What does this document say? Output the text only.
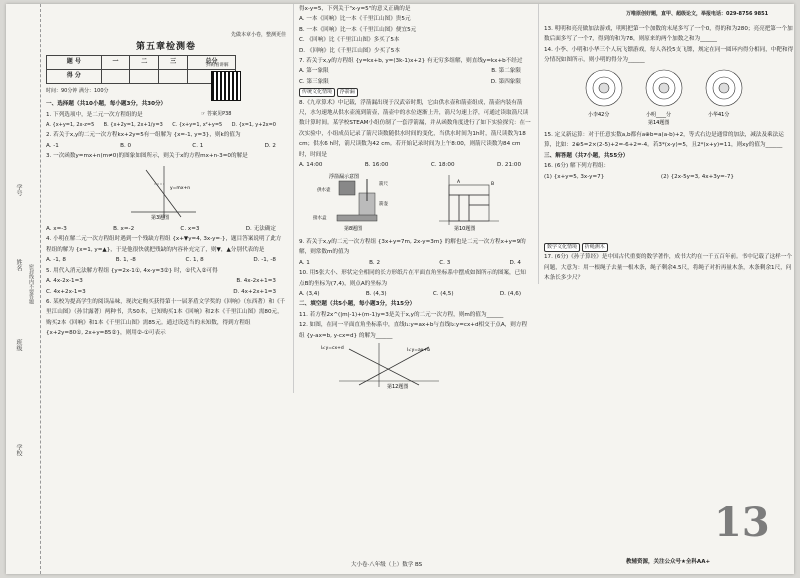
学号
姓名
班级
学校
密封线内不要答题
先做本章小卷，整测更佳
第五章检测卷
题 号	一	二	三	总分
得 分				
时间：90分钟 满分：100分
一、选择题（共10小题，每小题3分，共30分）

1. 下列选项中，是二元一次方程组的是

A. {x+y=1, 2x-z=5 B. {x+2y=1, 2x+1/y=3 C. {x+y=1, x²+y=5 D. {x=1, y+2x=0

2. 若关于x,y的二元一次方程kx+2y=5有一组解为 {x=-1, y=3}，则k的值为

A. -1	B. 0	C. 1	D. 2

3. 一次函数y=mx+n(m≠0)的图象如图所示，则关于x的方程mx+n-3=0的解是

y=mx+n
第3题图
A. x=-3	B. x=-2	C. x=3	D. 无法确定

4. 小明在解二元一次方程组时遇到一个残缺方程组 {x+▼y=4, 3x-y=·}，题目答案说明了此方程组的解为 {x=1, y=▲}，于是他很快就把残缺的内容补充完了，则▼，▲分别代表的是

A. -1, 8	B. 1, -8	C. 1, 8	D. -1, -8

5. 用代入消元法解方程组 {y=2x-1①, 4x-y=3②} 时，①代入②可得

A. 4x-2x-1=3	B. 4x-2x+1=3
C. 4x+2x-1=3	D. 4x+2x+1=3

6. 某校为提高学生的阅读品味，现决定购买获得第十一届茅盾文学奖的《回响》（东西著）和《千里江山图》（孙甘露著）两种书，共50本，已知购买1本《回响》和2本《千里江山图》需80元，购买2本《回响》和1本《千里江山图》需85元。通过设适当的未知数，得到方程组 {x+2y=80①, 2x+y=85②}，则用②-①可表示

扫码看讲解
☞ 答案见P38

得x-y=5，下列关于"x-y=5"的意义正确的是

A. 一本《回响》比一本《千里江山图》贵5元
B. 一本《回响》比一本《千里江山图》便宜5元
C. 《回响》比《千里江山图》多买了5本
D. 《回响》比《千里江山图》少买了5本

7. 若关于x,y的方程组 {y=kx+b, y=(3k-1)x+2} 有无穷多组解，则直线y=kx+b不经过

A. 第一象限	B. 第二象限
C. 第三象限	D. 第四象限
传统文化情境 浮箭漏

8.《九章算术》中记载，浮箭漏出现于汉武帝时期，它由供水壶和箭壶组成，箭壶内装有箭尺，水匀速地从供水壶流到箭壶，箭壶中的水位逐渐上升，箭尺匀速上浮，可通过读取箭尺读数计算时间。某学校STEAM小组仿制了一套浮箭漏，并从函数角度进行了如下实验探究：在一次实验中，小组成员记录了箭尺读数随供水时间的变化，当供水时间为1h时，箭尺读数为18 cm；供水6 h时，箭尺读数为42 cm。若开始记录时间为上午8:00，则箭尺读数为84 cm时，时间是

A. 14:00	B. 16:00	C. 18:00	D. 21:00
浮箭漏示意图
箭尺
供水壶
箭壶
接水盒
第8题图
A	B
第10题图

9. 若关于x,y的二元一次方程组 {3x+y=7m, 2x-y=3m} 的解也是二元一次方程x+y=9的解，则常数m的值为

A. 1	B. 2	C. 3	D. 4

10. 用5张大小、形状完全相同的长方形纸片在平面直角坐标系中摆成如图所示的图案，已知点B的坐标为(7,4)，则点A的坐标为

A. (3,4)	B. (4,3)	C. (4,5)	D. (4,6)
二、填空题（共5小题，每小题3分，共15分）

11. 若方程2x^(|m|-1)+(m-1)y=3是关于x,y的二元一次方程，则m的值为______

12. 如图，在同一平面直角坐标系中，直线l₁:y=ax+b与直线l₂:y=cx+d相交于点A，则方程组 {y-ax=b, y-cx=d} 的解为______

l₁:y=ax+b
l₂:y=cx+d
第12题图
大小卷·八年级（上）数学 BS

13. 明明和亮亮做加法游戏，明明把第一个加数的末尾多写了一个0，得的和为280；亮亮把第一个加数后面多写了一个7，得到的和为78，则原来的两个加数之和为______

14. 小李、小明和小华三个人玩飞镖游戏，每人各投5支飞镖，规定在同一圆环内得分相同，中靶和得分情况如图所示，则小明的得分为______

小李42分	小明____分	小华41分
第14题图

15. 定义新运算：对于任意实数a,b都有a⊕b=a(a-b)+2，等式右边是通常的加法，减法及乘法运算，比如：2⊕5=2×(2-5)+2=-6+2=-4。若3*(x-y)=5，且2*(x+y)=11，则xy的值为______

三、解答题（共7小题，共55分）

16. (6分) 解下列方程组：

(1) {x+y=5, 3x-y=7}	(2) {2x-5y=3, 4x+3y=-7}
数学文化情境 折绳测木

17. (6分)《孙子算经》是中国古代重要的数学著作，成书大约在一千五百年前。书中记载了这样一个问题，大意为：用一根绳子去量一根木条，绳子剩余4.5尺，将绳子对折再量木条，木条剩余1尺，问木条长多少尺？

万唯原创好题，直甲、超级论文，举报电话：029-8756 9851
13
教辅资源，关注公众号★全科AA+
